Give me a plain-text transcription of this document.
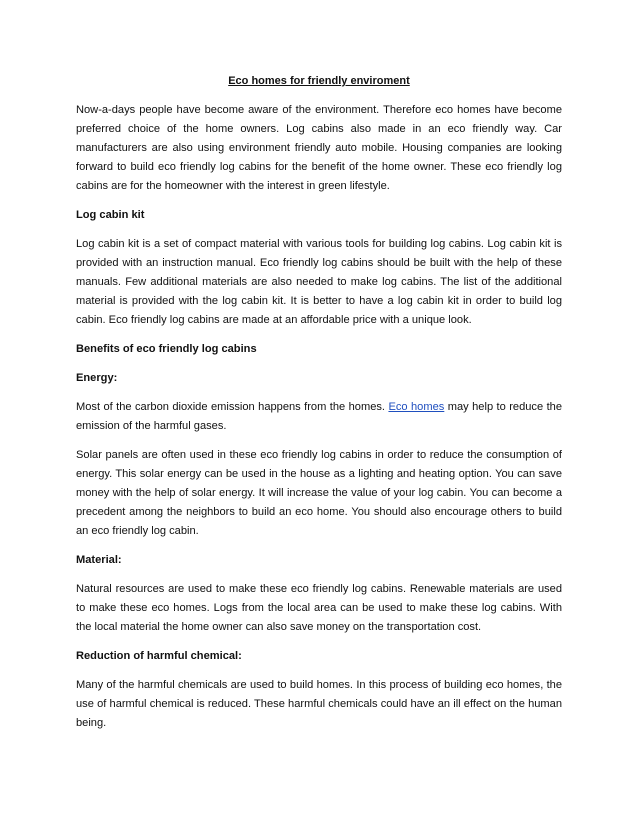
Eco homes for friendly enviroment

Now-a-days people have become aware of the environment. Therefore eco homes have become preferred choice of the home owners. Log cabins also made in an eco friendly way. Car manufacturers are also using environment friendly auto mobile. Housing companies are looking forward to build eco friendly log cabins for the benefit of the home owner. These eco friendly log cabins are for the homeowner with the interest in green lifestyle.

Log cabin kit

Log cabin kit is a set of compact material with various tools for building log cabins. Log cabin kit is provided with an instruction manual. Eco friendly log cabins should be built with the help of these manuals. Few additional materials are also needed to make log cabins. The list of the additional material is provided with the log cabin kit. It is better to have a log cabin kit in order to build log cabin. Eco friendly log cabins are made at an affordable price with a unique look.

Benefits of eco friendly log cabins
Energy:

Most of the carbon dioxide emission happens from the homes. Eco homes may help to reduce the emission of the harmful gases.

Solar panels are often used in these eco friendly log cabins in order to reduce the consumption of energy. This solar energy can be used in the house as a lighting and heating option. You can save money with the help of solar energy. It will increase the value of your log cabin. You can become a precedent among the neighbors to build an eco home. You should also encourage others to build an eco friendly log cabin.

Material:

Natural resources are used to make these eco friendly log cabins. Renewable materials are used to make these eco homes. Logs from the local area can be used to make these log cabins. With the local material the home owner can also save money on the transportation cost.

Reduction of harmful chemical:

Many of the harmful chemicals are used to build homes. In this process of building eco homes, the use of harmful chemical is reduced. These harmful chemicals could have an ill effect on the human being.
